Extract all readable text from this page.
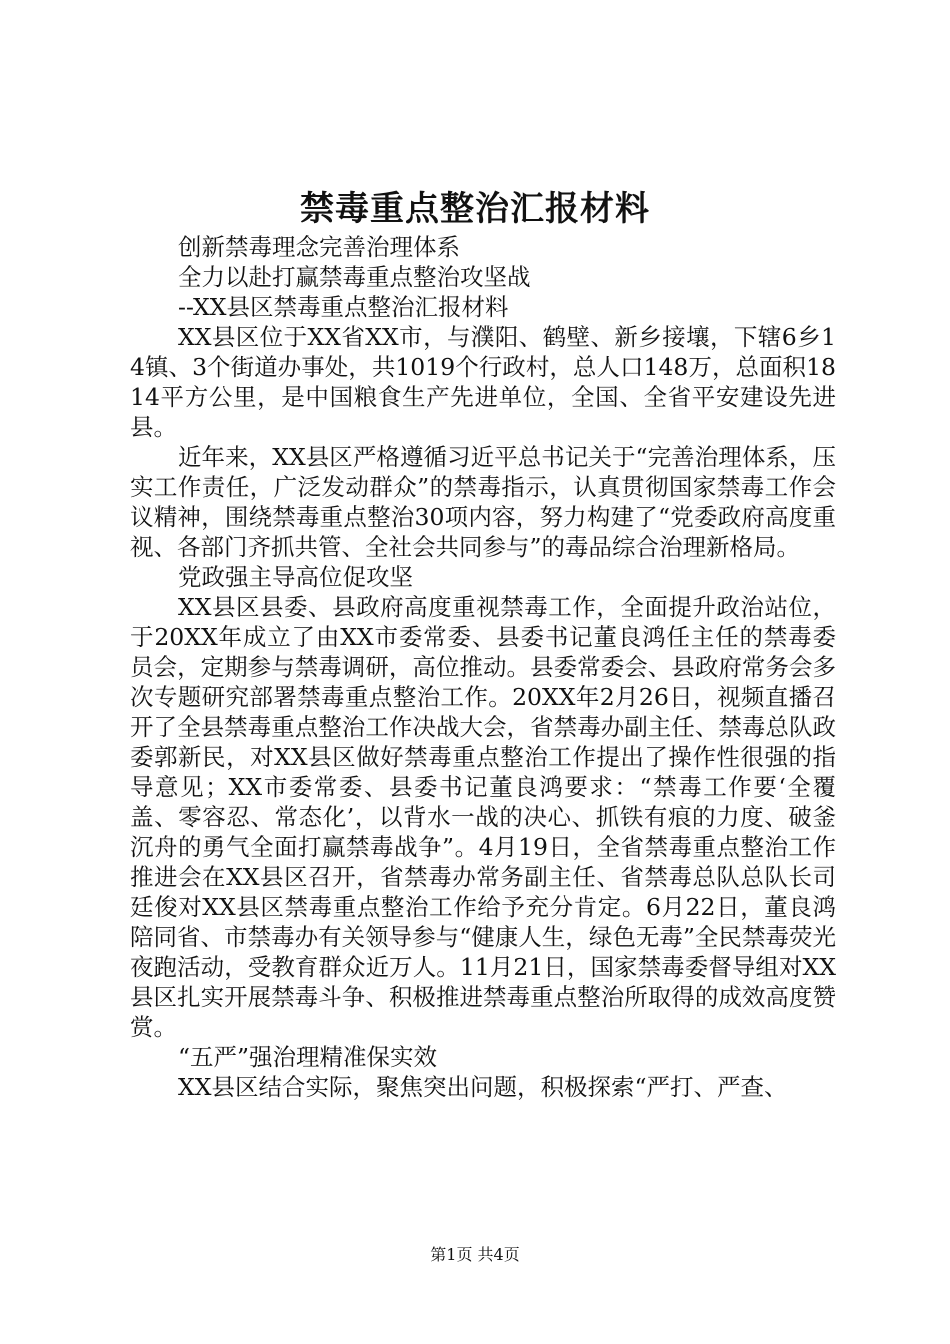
禁毒重点整治汇报材料

创新禁毒理念完善治理体系

全力以赴打赢禁毒重点整治攻坚战

--XX县区禁毒重点整治汇报材料

XX县区位于XX省XX市，与濮阳、鹤壁、新乡接壤，下辖6乡14镇、3个街道办事处，共1019个行政村，总人口148万，总面积1814平方公里，是中国粮食生产先进单位，全国、全省平安建设先进县。

近年来，XX县区严格遵循习近平总书记关于“完善治理体系，压实工作责任，广泛发动群众”的禁毒指示，认真贯彻国家禁毒工作会议精神，围绕禁毒重点整治30项内容，努力构建了“党委政府高度重视、各部门齐抓共管、全社会共同参与”的毒品综合治理新格局。

党政强主导高位促攻坚

XX县区县委、县政府高度重视禁毒工作，全面提升政治站位，于20XX年成立了由XX市委常委、县委书记董良鸿任主任的禁毒委员会，定期参与禁毒调研，高位推动。县委常委会、县政府常务会多次专题研究部署禁毒重点整治工作。20XX年2月26日，视频直播召开了全县禁毒重点整治工作决战大会，省禁毒办副主任、禁毒总队政委郭新民，对XX县区做好禁毒重点整治工作提出了操作性很强的指导意见；XX市委常委、县委书记董良鸿要求：“禁毒工作要‘全覆盖、零容忍、常态化’，以背水一战的决心、抓铁有痕的力度、破釜沉舟的勇气全面打赢禁毒战争”。4月19日，全省禁毒重点整治工作推进会在XX县区召开，省禁毒办常务副主任、省禁毒总队总队长司廷俊对XX县区禁毒重点整治工作给予充分肯定。6月22日，董良鸿陪同省、市禁毒办有关领导参与“健康人生，绿色无毒”全民禁毒荧光夜跑活动，受教育群众近万人。11月21日，国家禁毒委督导组对XX县区扎实开展禁毒斗争、积极推进禁毒重点整治所取得的成效高度赞赏。

“五严”强治理精准保实效

XX县区结合实际，聚焦突出问题，积极探索“严打、严查、

第1页 共4页
